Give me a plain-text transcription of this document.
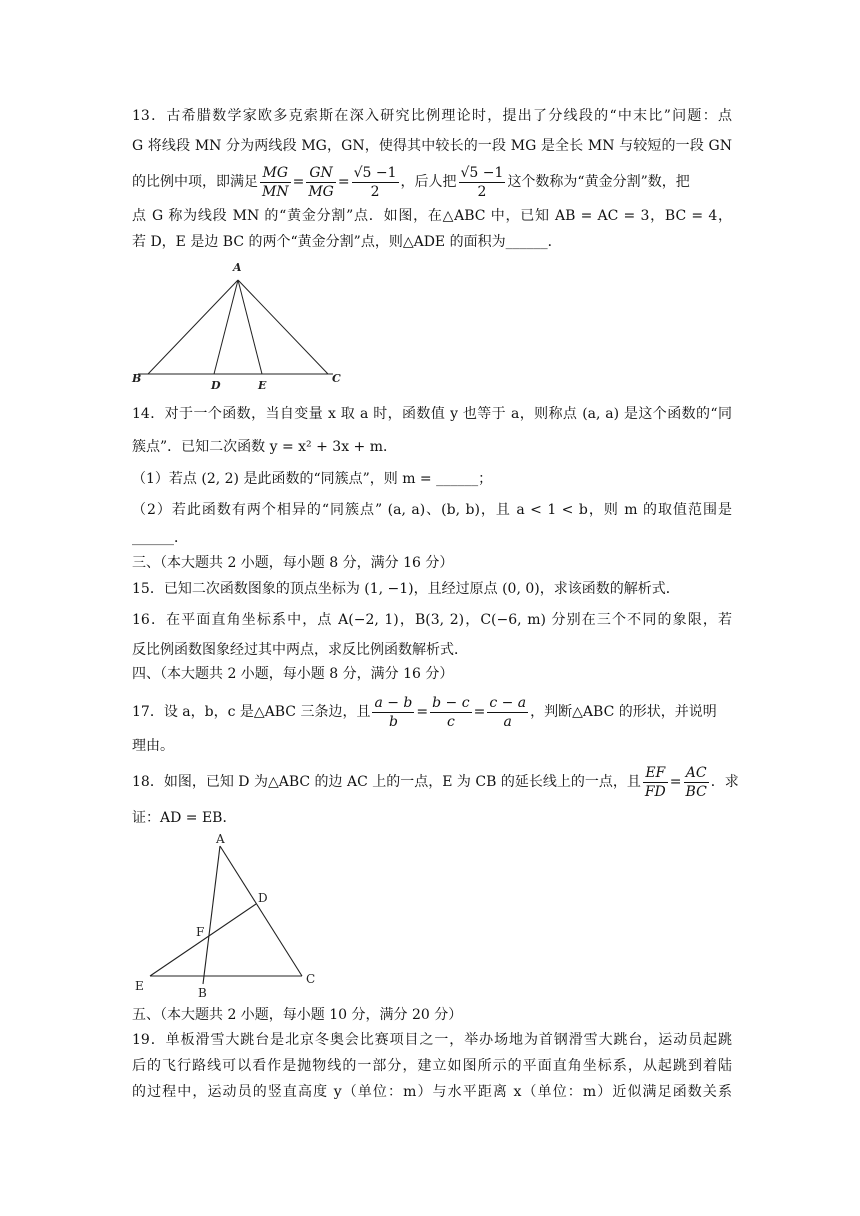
13．古希腊数学家欧多克索斯在深入研究比例理论时，提出了分线段的“中末比”问题：点
G 将线段 MN 分为两线段 MG，GN，使得其中较长的一段 MG 是全长 MN 与较短的一段 GN
的比例中项，即满足 $\frac{MG}{MN} = \frac{GN}{MG} = \frac{√5 -1}{2}$ ，后人把 $\frac{√5 -1}{2}$ 这个数称为“黄金分割”数，把
点 G 称为线段 MN 的“黄金分割”点．如图，在△ABC 中，已知 AB = AC = 3，BC = 4，
若 D，E 是边 BC 的两个“黄金分割”点，则△ADE 的面积为______．
A
B
D	E
C
14．对于一个函数，当自变量 x 取 a 时，函数值 y 也等于 a，则称点 (a, a) 是这个函数的“同
簇点”．已知二次函数 y = x² + 3x + m．
（1）若点 (2, 2) 是此函数的“同簇点”，则 m = ______；
（2）若此函数有两个相异的“同簇点” (a, a)、(b, b)，且 a < 1 < b，则 m 的取值范围是
______．
三、（本大题共 2 小题，每小题 8 分，满分 16 分）
15．已知二次函数图象的顶点坐标为 (1, −1)，且经过原点 (0, 0)，求该函数的解析式．
16．在平面直角坐标系中，点 A(−2, 1)，B(3, 2)，C(−6, m) 分别在三个不同的象限，若
反比例函数图象经过其中两点，求反比例函数解析式．
四、（本大题共 2 小题，每小题 8 分，满分 16 分）
17．设 a，b，c 是△ABC 三条边，且 $\frac{a - b}{b} = \frac{b - c}{c} = \frac{c - a}{a}$ ，判断△ABC 的形状，并说明
理由。
18．如图，已知 D 为△ABC 的边 AC 上的一点，E 为 CB 的延长线上的一点，且 $\frac{EF}{FD} = \frac{AC}{BC}$ ．求
证：AD = EB．
A
D
F
E	B
C
五、（本大题共 2 小题，每小题 10 分，满分 20 分）
19．单板滑雪大跳台是北京冬奥会比赛项目之一，举办场地为首钢滑雪大跳台，运动员起跳
后的飞行路线可以看作是抛物线的一部分，建立如图所示的平面直角坐标系，从起跳到着陆
的过程中，运动员的竖直高度 y（单位：m）与水平距离 x（单位：m）近似满足函数关系
